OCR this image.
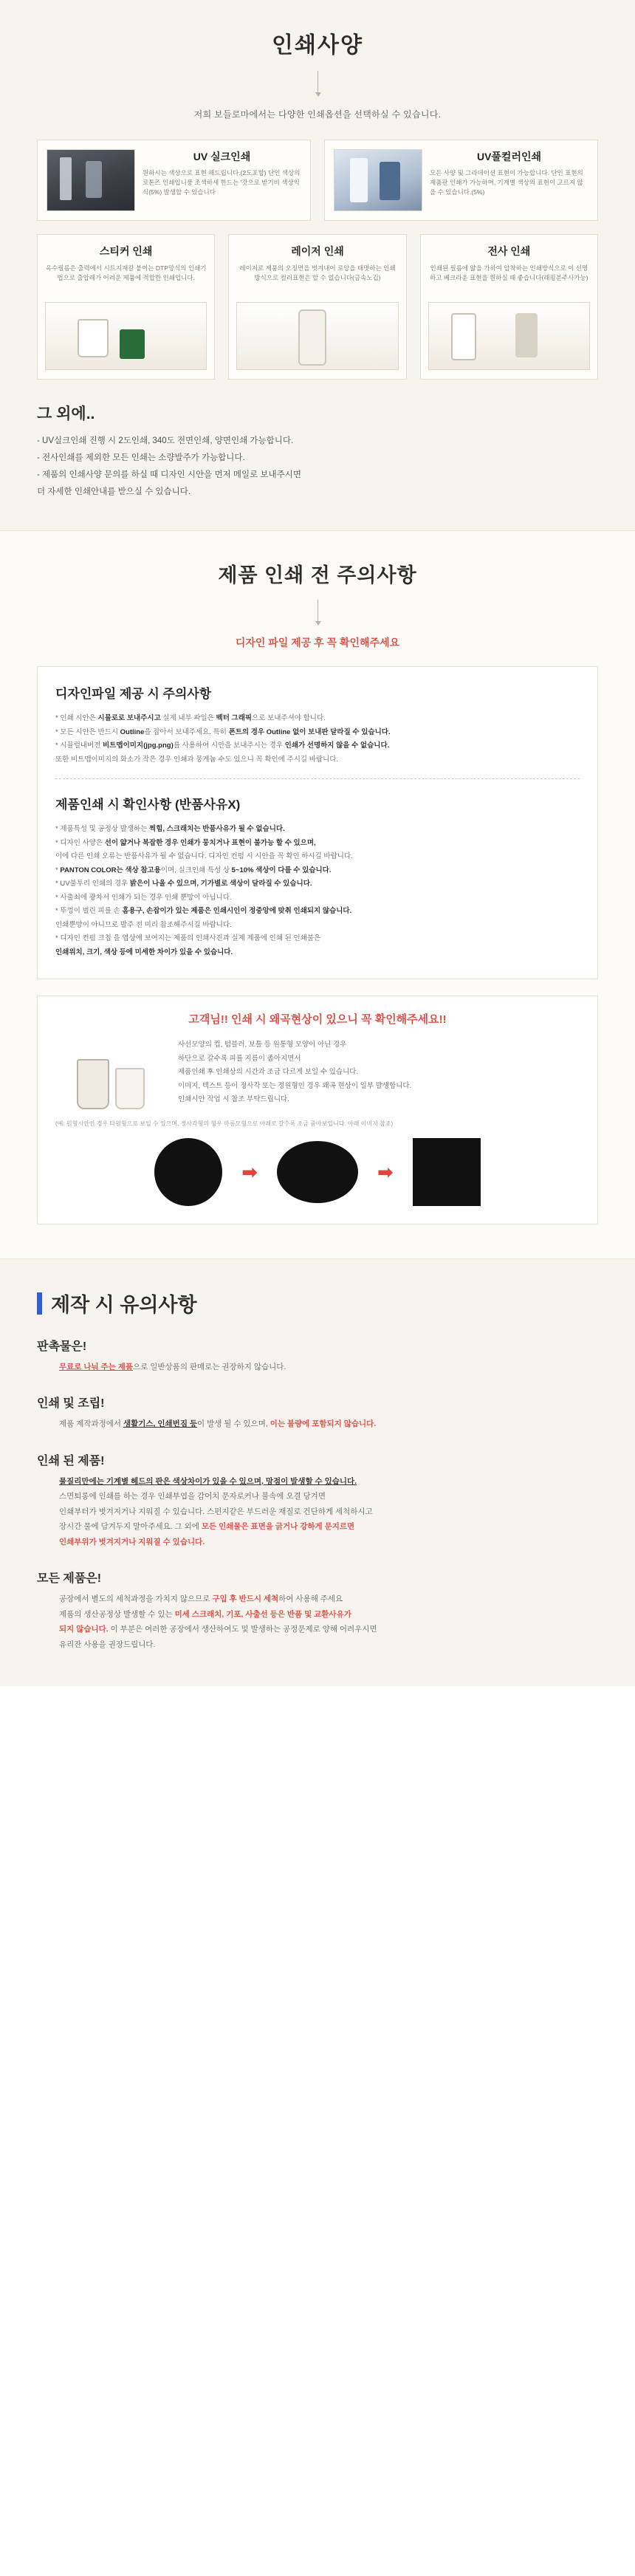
인쇄사양

저희 보들로마에서는 다양한 인쇄옵션을 선택하실 수 있습니다.

UV 실크인쇄
원하시는 색상으로 표현 해드립니다.(2도포함) 단인 색상의 로톤즈 인쇄입니풍 조색하세 한드는 '갓으로 받기비 색상익식(5%) 발생할 수 있습니다
UV풀컬러인쇄
모든 사양 및 그라데이션 표현이 가능합니다. 단인 표현의 제품판 인쇄가 가능하며, 기계별 색상의 표현이 고르지 않을 수 있습니다.(5%)
스티커 인쇄
옥수필름은 출력에서 시트지재칼 붙이는 DTP망식의 인쇄기법으로 출압레가 어려운 제품에 적합한 인쇄입니다.
레이저 인쇄
레이저로 제품의 오징먼을 벗겨내어 로앙을 태멋하는 인쇄방식으로 컬러표현은 할 수 없습니다(금속노깁)
전사 인쇄
인쇄된 필름에 얇을 가하여 압착하는 인쇄방식으로 이 선명하고 베크라운 표현을 원하실 때 좋습니다(래핑분주사가능)
그 외에..
- UV실크인쇄 진행 시 2도인쇄, 340도 전면인쇄, 양면인쇄 가능합니다.
- 전사인쇄를 제외한 모든 인쇄는 소량발주가 가능합니다.
- 제품의 인쇄사양 문의를 하실 때 디자인 시안을 먼저 메일로 보내주시면
더 자세한 인쇄안내를 받으실 수 있습니다.
제품 인쇄 전 주의사항

디자인 파일 제공 후 꼭 확인해주세요

디자인파일 제공 시 주의사항

* 인쇄 시안은 시뮬로로 보내주시고 실제 내부 파일은 벡터 그래픽으로 보내주셔야 합니다.

* 모든 시안은 반드시 Outline을 잡아서 보내주세요. 특히 폰트의 경우 Outline 없이 보내판 달라질 수 있습니다.

* 시뮬럴내버전 비트맵이미지(jpg.png)를 사용하여 시안을 보내주시는 경우 인쇄가 선명하지 않을 수 없습니다.

또한 비트맵이미지의 화소가 작은 경우 인쇄과 뭉게늄 수도 있으니 꼭 확인에 주시길 바랍니다.

제품인쇄 시 확인사항 (반품사유X)

* 제품특성 및 공정상 발생하는 찍힘, 스크래치는 반품사유가 될 수 없습니다.

* 디자인 사양은 선이 얇거나 복잡한 경우 인쇄가 뭉치거나 표현이 불가능 할 수 있으며,

이에 다른 인쇄 오류는 반품사유가 될 수 없습니다. 디자인 컨펌 시 시안을 꼭 확인 하시길 바랍니다.

* PANTON COLOR는 색상 참고용이며, 실크인쇄 특성 상 5~10% 색상이 다를 수 있습니다.

* UV불투리 인쇄의 경우 밝은이 나올 수 있으며, 기가별로 색상이 달라질 수 있습니다.

* 사출쇠에 광차서 인쇄가 되는 경우 인쇄 뿐망이 아닙니다.

* 뚜껑이 벌린 피를 손 홈용구, 손잡이가 있는 제품은 인쇄시인이 정중앙에 맞취 인쇄되지 않습니다.

인쇄뿐망이 아니므로 발주 전 미리 참조해주시길 바랍니다.

* 디자인 컨펌 크칩 을 엽상에 보여지는 제품의 인쇄사진과 실제 제품에 인쇄 된 인쇄불은

인쇄위치, 크기, 색상 등에 미세한 차이가 있을 수 있습니다.

고객님!! 인쇄 시 왜곡현상이 있으니 꼭 확인해주세요!!
사선모양의 컵, 텀블러, 보틀 등 원통형 모양이 아닌 경우
하단으로 갈수록 피를 지름이 좁아지면서
제품인쇄 후 인쇄상의 시간과 조금 다르게 보일 수 있습니다.
이미지, 텍스트 등이 정사각 또는 정원형인 경우 왜곡 현상이 일부 발생합니다.
인쇄시안 작업 시 참조 부탁드립니다.
(예: 원형시안인 경우 타원형으로 보일 수 있으며, 정사각형의 형우 마름모형으로 아래로 갈수록 조금 줌아보입니다. 아래 이미지 참조)
➡	➡
제작 시 유의사항
판촉물은!
무료로 나눠 주는 제품으로 일반상품의 판매로는 권장하지 않습니다.
인쇄 및 조립!
제품 제작과정에서 생활기스, 인쇄번짐 등이 발생 될 수 있으며, 이는 불량에 포함되지 않습니다.
인쇄 된 제품!
물질리만에는 기계별 헤드의 판은 색상차이가 있을 수 있으며, 망점이 발생할 수 있습니다.
스면퇴롱에 인쇄를 하는 경우 인쇄부엽을 감어치 문자로커나 불속에 오결 당겨면
인쇄부터가 벗겨지거나 지워질 수 있습니다. 스펀지같은 부드러운 재질로 건단하게 세척하시고
장시간 물에 담겨두지 말아주세요. 그 외에 모든 인쇄물은 표면을 긁거나 강하게 문지르면
인쇄부위가 벗겨지거나 지워질 수 있습니다.
모든 제품은!
공장에서 별도의 세척과정을 가치지 않으므로 구입 후 반드시 세척하여 사용해 주세요
제품의 생산공정상 발생할 수 있는 미세 스크래치, 기포, 사출선 등은 반품 및 교환사유가
되지 않습니다. 이 부분은 여러한 공장에서 생산하여도 및 발생하는 공정문제로 양해 어려우시면
유리잔 사용을 권장드립니다.
